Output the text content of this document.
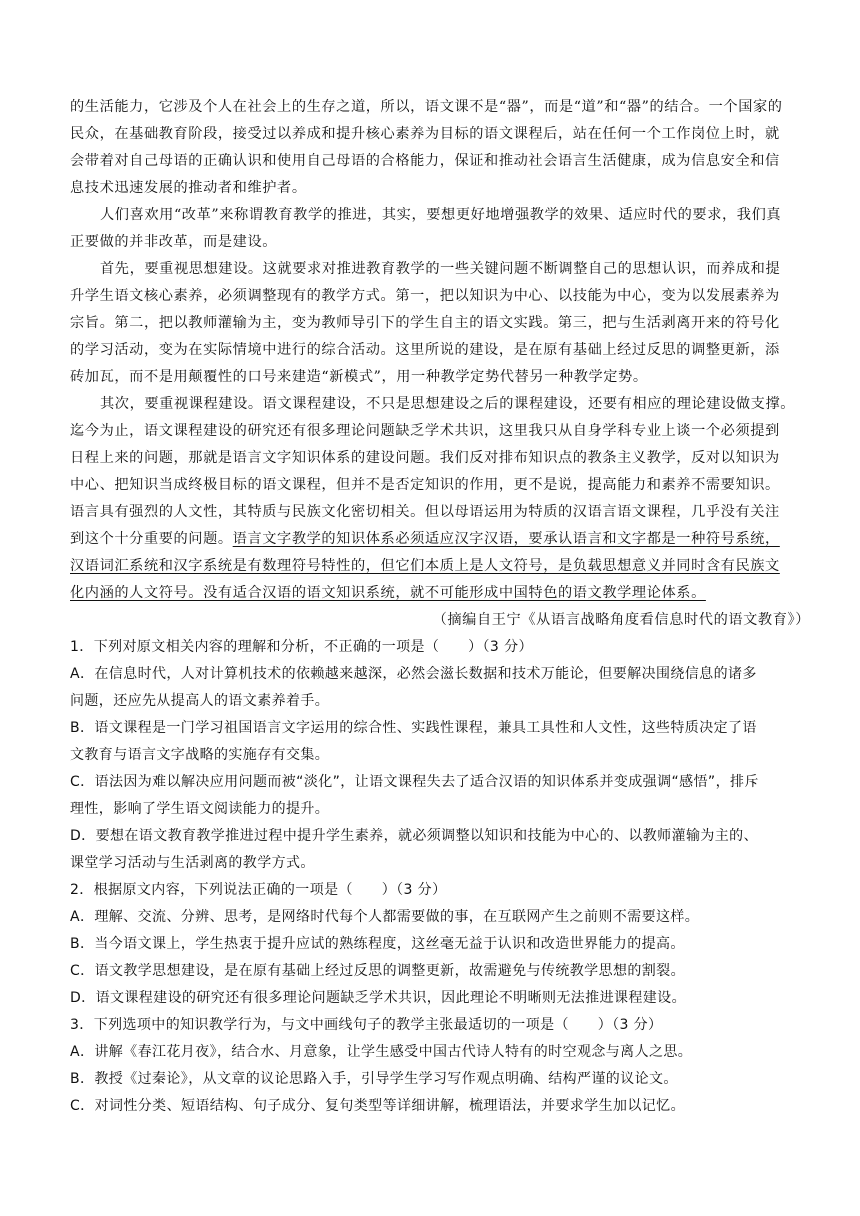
的生活能力，它涉及个人在社会上的生存之道，所以，语文课不是“器”，而是“道”和“器”的结合。一个国家的
民众，在基础教育阶段，接受过以养成和提升核心素养为目标的语文课程后，站在任何一个工作岗位上时，就
会带着对自己母语的正确认识和使用自己母语的合格能力，保证和推动社会语言生活健康，成为信息安全和信
息技术迅速发展的推动者和维护者。
人们喜欢用“改革”来称谓教育教学的推进，其实，要想更好地增强教学的效果、适应时代的要求，我们真
正要做的并非改革，而是建设。
首先，要重视思想建设。这就要求对推进教育教学的一些关键问题不断调整自己的思想认识，而养成和提
升学生语文核心素养，必须调整现有的教学方式。第一，把以知识为中心、以技能为中心，变为以发展素养为
宗旨。第二，把以教师灌输为主，变为教师导引下的学生自主的语文实践。第三，把与生活剥离开来的符号化
的学习活动，变为在实际情境中进行的综合活动。这里所说的建设，是在原有基础上经过反思的调整更新，添
砖加瓦，而不是用颠覆性的口号来建造“新模式”，用一种教学定势代替另一种教学定势。
其次，要重视课程建设。语文课程建设，不只是思想建设之后的课程建设，还要有相应的理论建设做支撑。
迄今为止，语文课程建设的研究还有很多理论问题缺乏学术共识，这里我只从自身学科专业上谈一个必须提到
日程上来的问题，那就是语言文字知识体系的建设问题。我们反对排布知识点的教条主义教学，反对以知识为
中心、把知识当成终极目标的语文课程，但并不是否定知识的作用，更不是说，提高能力和素养不需要知识。
语言具有强烈的人文性，其特质与民族文化密切相关。但以母语运用为特质的汉语言语文课程，几乎没有关注
到这个十分重要的问题。语言文字教学的知识体系必须适应汉字汉语，要承认语言和文字都是一种符号系统，
汉语词汇系统和汉字系统是有数理符号特性的，但它们本质上是人文符号，是负载思想意义并同时含有民族文
化内涵的人文符号。没有适合汉语的语文知识系统，就不可能形成中国特色的语文教学理论体系。
（摘编自王宁《从语言战略角度看信息时代的语文教育》）
1．下列对原文相关内容的理解和分析，不正确的一项是（　　）（3 分）
A．在信息时代，人对计算机技术的依赖越来越深，必然会滋长数据和技术万能论，但要解决围绕信息的诸多
问题，还应先从提高人的语文素养着手。
B．语文课程是一门学习祖国语言文字运用的综合性、实践性课程，兼具工具性和人文性，这些特质决定了语
文教育与语言文字战略的实施存有交集。
C．语法因为难以解决应用问题而被“淡化”，让语文课程失去了适合汉语的知识体系并变成强调“感悟”，排斥
理性，影响了学生语文阅读能力的提升。
D．要想在语文教育教学推进过程中提升学生素养，就必须调整以知识和技能为中心的、以教师灌输为主的、
课堂学习活动与生活剥离的教学方式。
2．根据原文内容，下列说法正确的一项是（　　）（3 分）
A．理解、交流、分辨、思考，是网络时代每个人都需要做的事，在互联网产生之前则不需要这样。
B．当今语文课上，学生热衷于提升应试的熟练程度，这丝毫无益于认识和改造世界能力的提高。
C．语文教学思想建设，是在原有基础上经过反思的调整更新，故需避免与传统教学思想的割裂。
D．语文课程建设的研究还有很多理论问题缺乏学术共识，因此理论不明晰则无法推进课程建设。
3．下列选项中的知识教学行为，与文中画线句子的教学主张最适切的一项是（　　）（3 分）
A．讲解《春江花月夜》，结合水、月意象，让学生感受中国古代诗人特有的时空观念与离人之思。
B．教授《过秦论》，从文章的议论思路入手，引导学生学习写作观点明确、结构严谨的议论文。
C．对词性分类、短语结构、句子成分、复句类型等详细讲解，梳理语法，并要求学生加以记忆。
